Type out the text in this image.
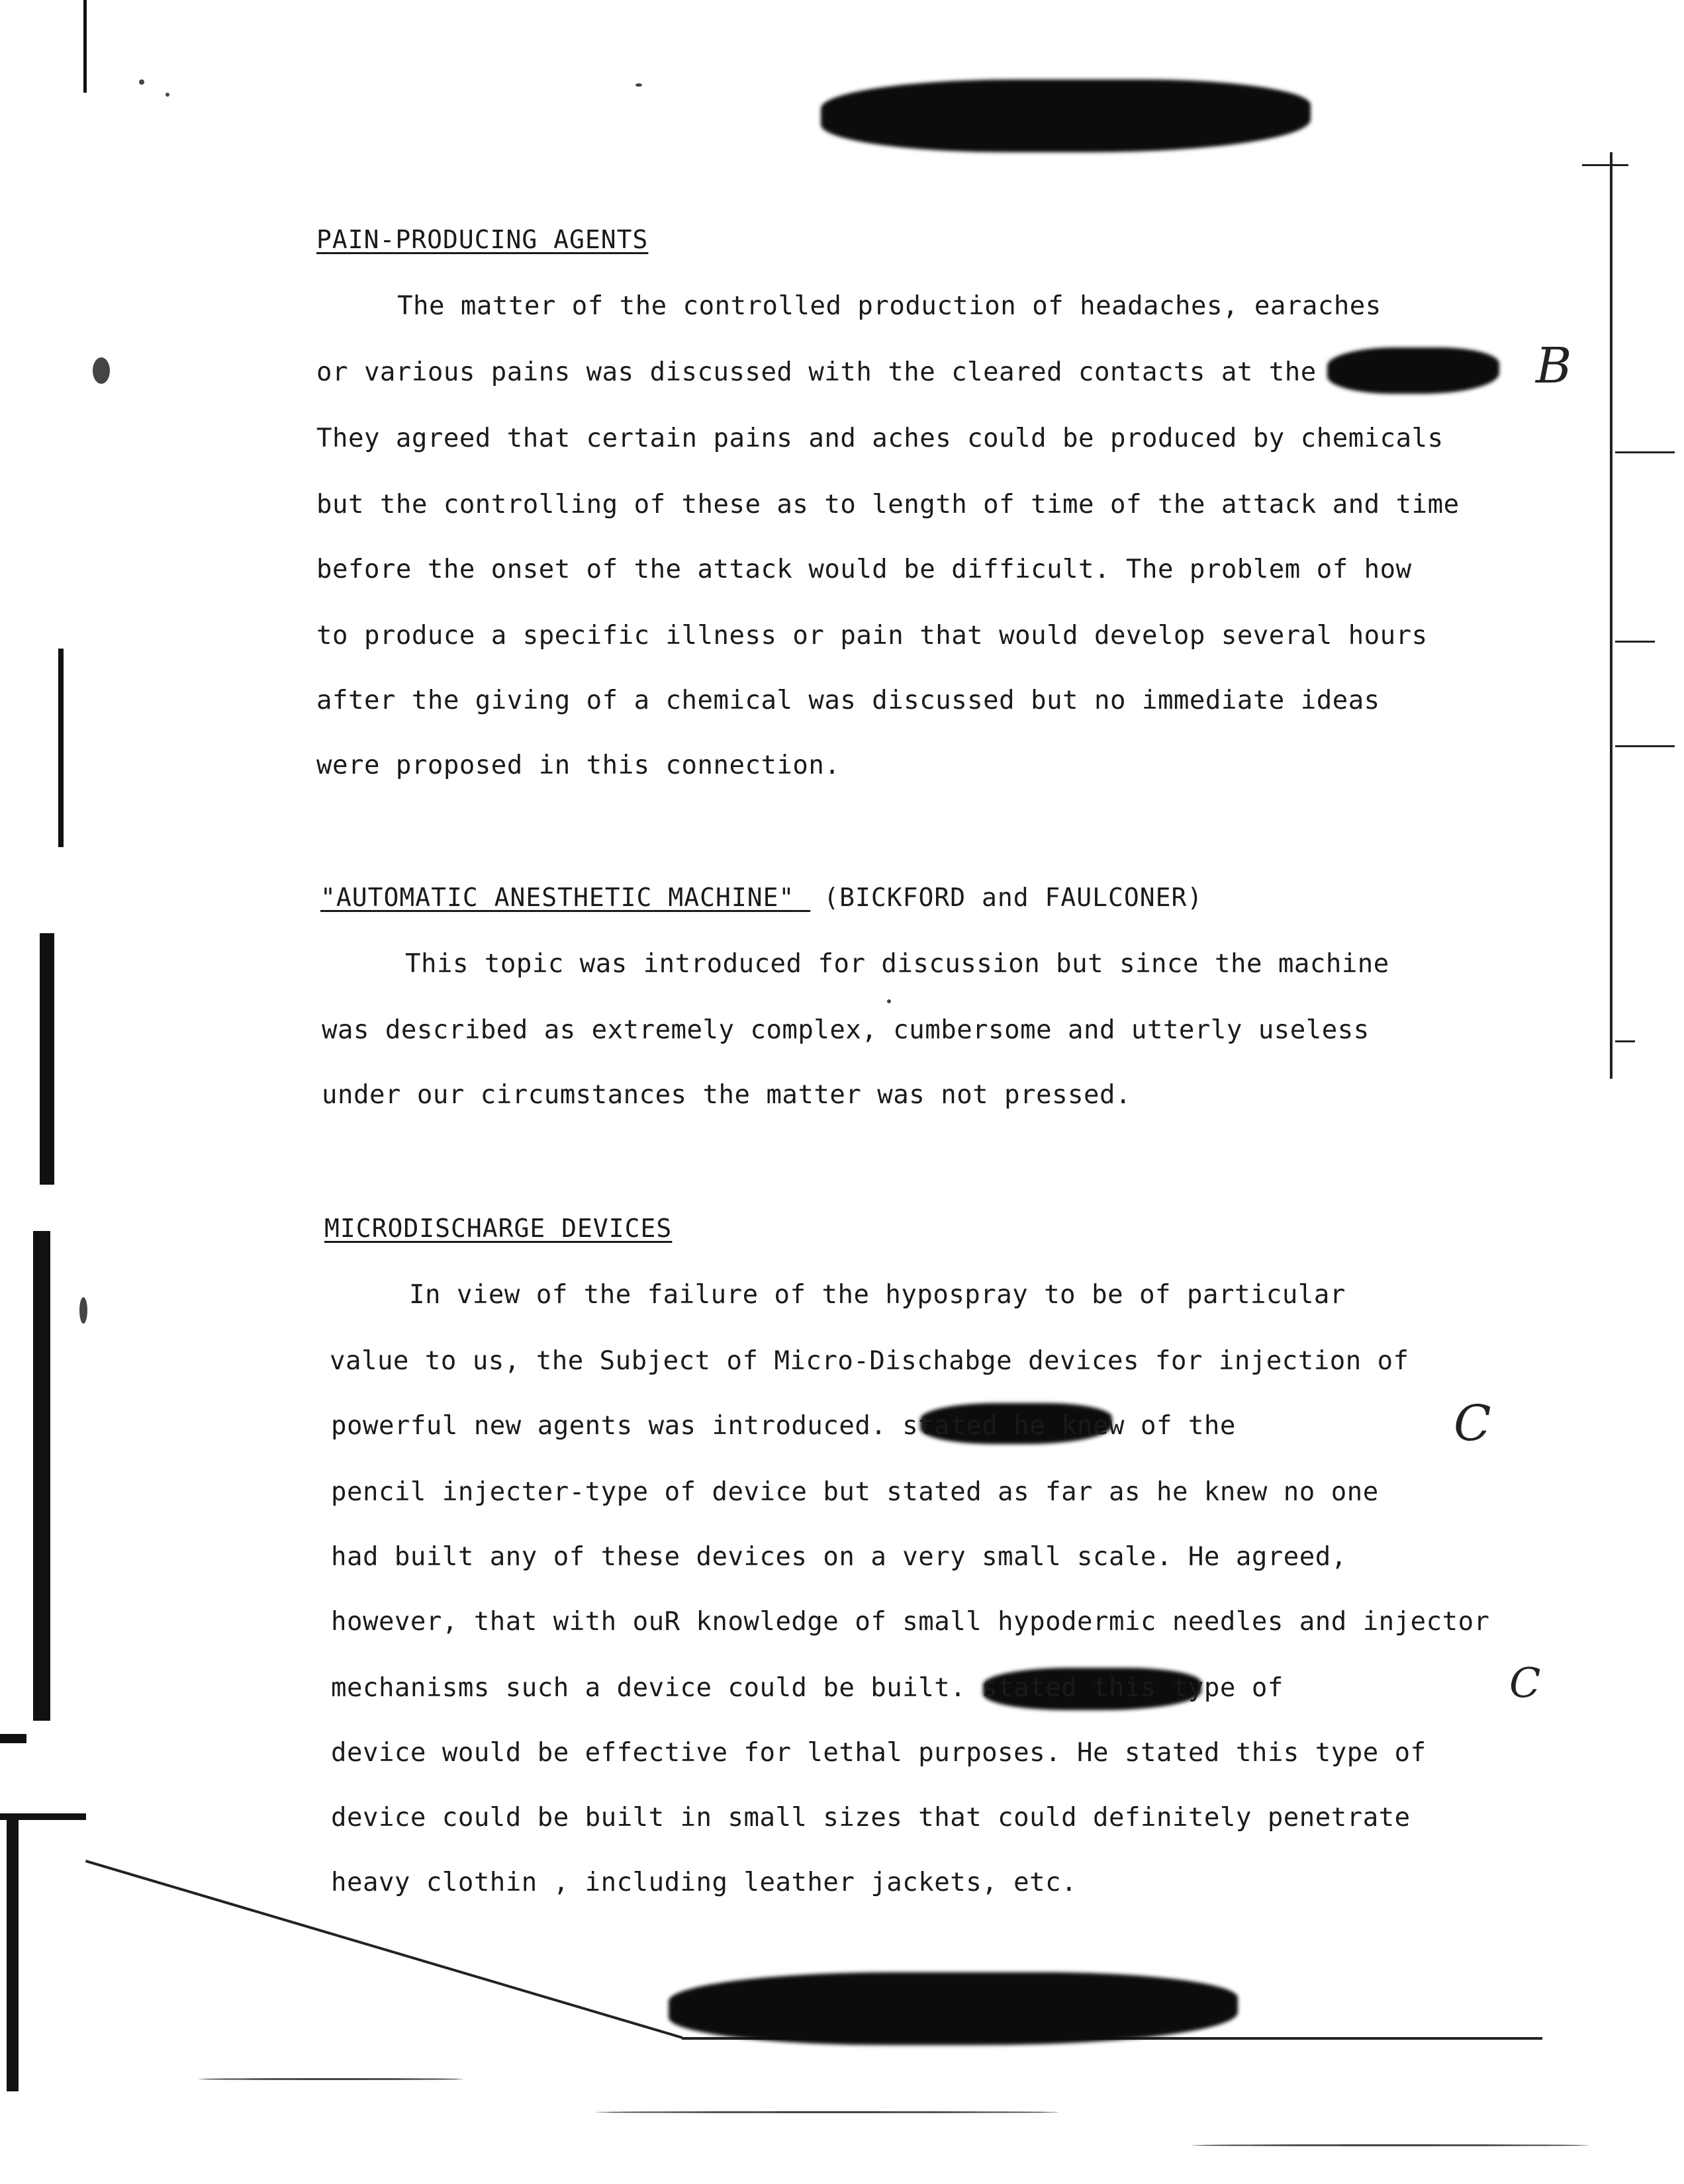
PAIN-PRODUCING AGENTS
The matter of the controlled production of headaches, earaches
or various pains was discussed with the cleared contacts at the
They agreed that certain pains and aches could be produced by chemicals
but the controlling of these as to length of time of the attack and time
before the onset of the attack would be difficult. The problem of how
to produce a specific illness or pain that would develop several hours
after the giving of a chemical was discussed but no immediate ideas
were proposed in this connection.
"AUTOMATIC ANESTHETIC MACHINE" (BICKFORD and FAULCONER)
This topic was introduced for discussion but since the machine
was described as extremely complex, cumbersome and utterly useless
under our circumstances the matter was not pressed.
MICRODISCHARGE DEVICES
In view of the failure of the hypospray to be of particular
value to us, the Subject of Micro-Dischabge devices for injection of
powerful new agents was introduced. stated he knew of the
pencil injecter-type of device but stated as far as he knew no one
had built any of these devices on a very small scale. He agreed,
however, that with ouR knowledge of small hypodermic needles and injector
mechanisms such a device could be built. stated this type of
device would be effective for lethal purposes. He stated this type of
device could be built in small sizes that could definitely penetrate
heavy clothin , including leather jackets, etc.
B
C
C
